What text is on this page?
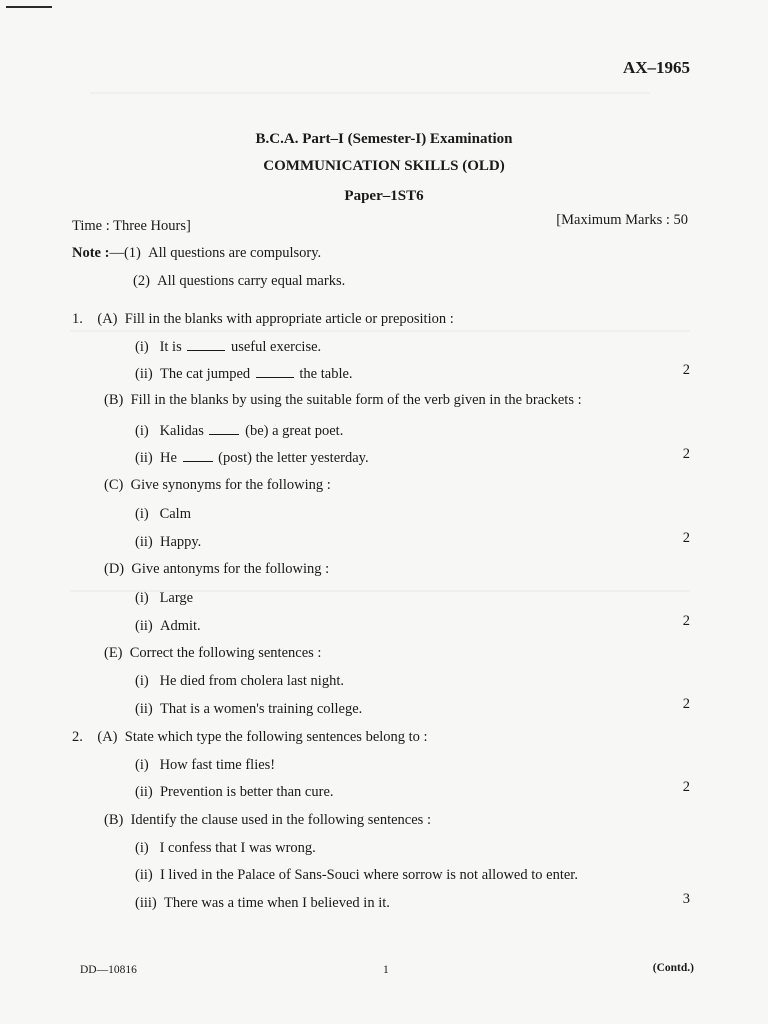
AX–1965
B.C.A. Part–I (Semester-I) Examination
COMMUNICATION SKILLS (OLD)
Paper–1ST6
Time : Three Hours]	[Maximum Marks : 50
Note :—(1) All questions are compulsory.
(2) All questions carry equal marks.
1. (A) Fill in the blanks with appropriate article or preposition :
(i) It is	useful exercise.
(ii) The cat jumped	the table.	2
(B) Fill in the blanks by using the suitable form of the verb given in the brackets :
(i) Kalidas  (be) a great poet.
(ii) He  (post) the letter yesterday.	2
(C) Give synonyms for the following :
(i) Calm
(ii) Happy.	2
(D) Give antonyms for the following :
(i) Large
(ii) Admit.	2
(E) Correct the following sentences :
(i) He died from cholera last night.
(ii) That is a women's training college.	2
2. (A) State which type the following sentences belong to :
(i) How fast time flies!
(ii) Prevention is better than cure.	2
(B) Identify the clause used in the following sentences :
(i) I confess that I was wrong.
(ii) I lived in the Palace of Sans-Souci where sorrow is not allowed to enter.
(iii) There was a time when I believed in it.	3
DD—10816	1	(Contd.)
